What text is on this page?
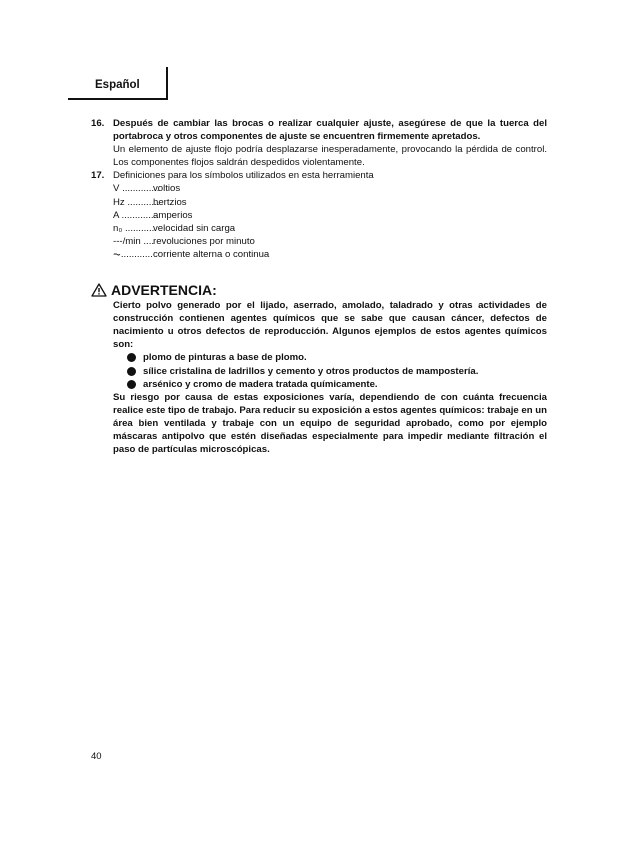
Español
16. Después de cambiar las brocas o realizar cualquier ajuste, asegúrese de que la tuerca del portabroca y otros componentes de ajuste se encuentren firmemente apretados.

Un elemento de ajuste flojo podría desplazarse inesperadamente, provocando la pérdida de control. Los componentes flojos saldrán despedidos violentamente.

17. Definiciones para los símbolos utilizados en esta herramienta

V ..............
voltios
Hz ............
hertzios
A ..............
amperios
n₀ ............
velocidad sin carga
---/min ....
revoluciones por minuto
⏦............ corriente alterna o continua
ADVERTENCIA:

Cierto polvo generado por el lijado, aserrado, amolado, taladrado y otras actividades de construcción contienen agentes químicos que se sabe que causan cáncer, defectos de nacimiento u otros defectos de reproducción. Algunos ejemplos de estos agentes químicos son:

plomo de pinturas a base de plomo.
sílice cristalina de ladrillos y cemento y otros productos de mampostería.
arsénico y cromo de madera tratada químicamente.

Su riesgo por causa de estas exposiciones varía, dependiendo de con cuánta frecuencia realice este tipo de trabajo. Para reducir su exposición a estos agentes químicos: trabaje en un área bien ventilada y trabaje con un equipo de seguridad aprobado, como por ejemplo máscaras antipolvo que estén diseñadas especialmente para impedir mediante filtración el paso de partículas microscópicas.

40
